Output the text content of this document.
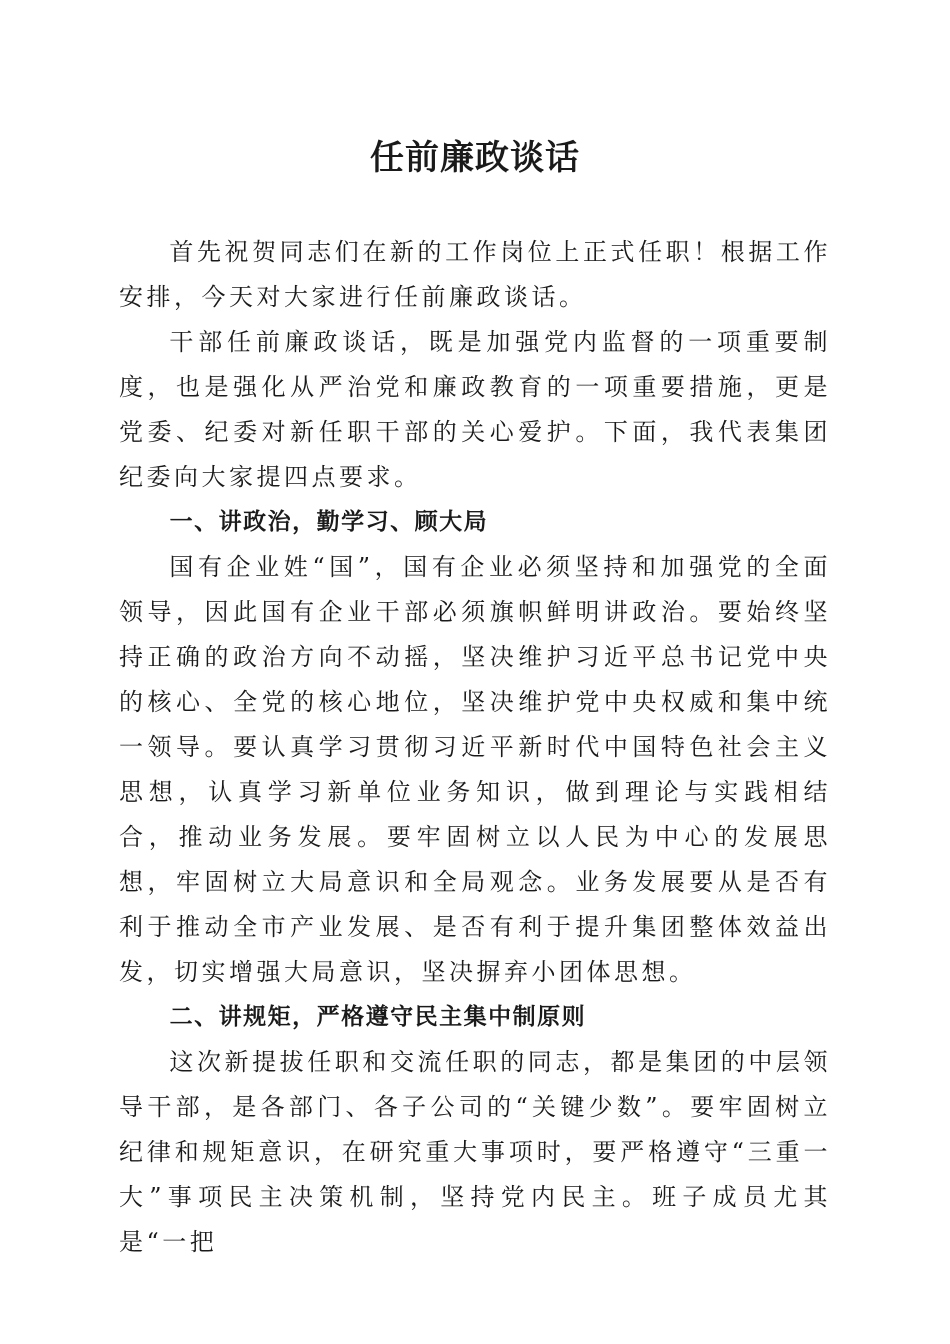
任前廉政谈话

首先祝贺同志们在新的工作岗位上正式任职！根据工作安排，今天对大家进行任前廉政谈话。

干部任前廉政谈话，既是加强党内监督的一项重要制度，也是强化从严治党和廉政教育的一项重要措施，更是党委、纪委对新任职干部的关心爱护。下面，我代表集团纪委向大家提四点要求。

一、讲政治，勤学习、顾大局

国有企业姓“国”，国有企业必须坚持和加强党的全面领导，因此国有企业干部必须旗帜鲜明讲政治。要始终坚持正确的政治方向不动摇，坚决维护习近平总书记党中央的核心、全党的核心地位，坚决维护党中央权威和集中统一领导。要认真学习贯彻习近平新时代中国特色社会主义思想，认真学习新单位业务知识，做到理论与实践相结合，推动业务发展。要牢固树立以人民为中心的发展思想，牢固树立大局意识和全局观念。业务发展要从是否有利于推动全市产业发展、是否有利于提升集团整体效益出发，切实增强大局意识，坚决摒弃小团体思想。

二、讲规矩，严格遵守民主集中制原则

这次新提拔任职和交流任职的同志，都是集团的中层领导干部，是各部门、各子公司的“关键少数”。要牢固树立纪律和规矩意识，在研究重大事项时，要严格遵守“三重一大”事项民主决策机制，坚持党内民主。班子成员尤其是“一把
